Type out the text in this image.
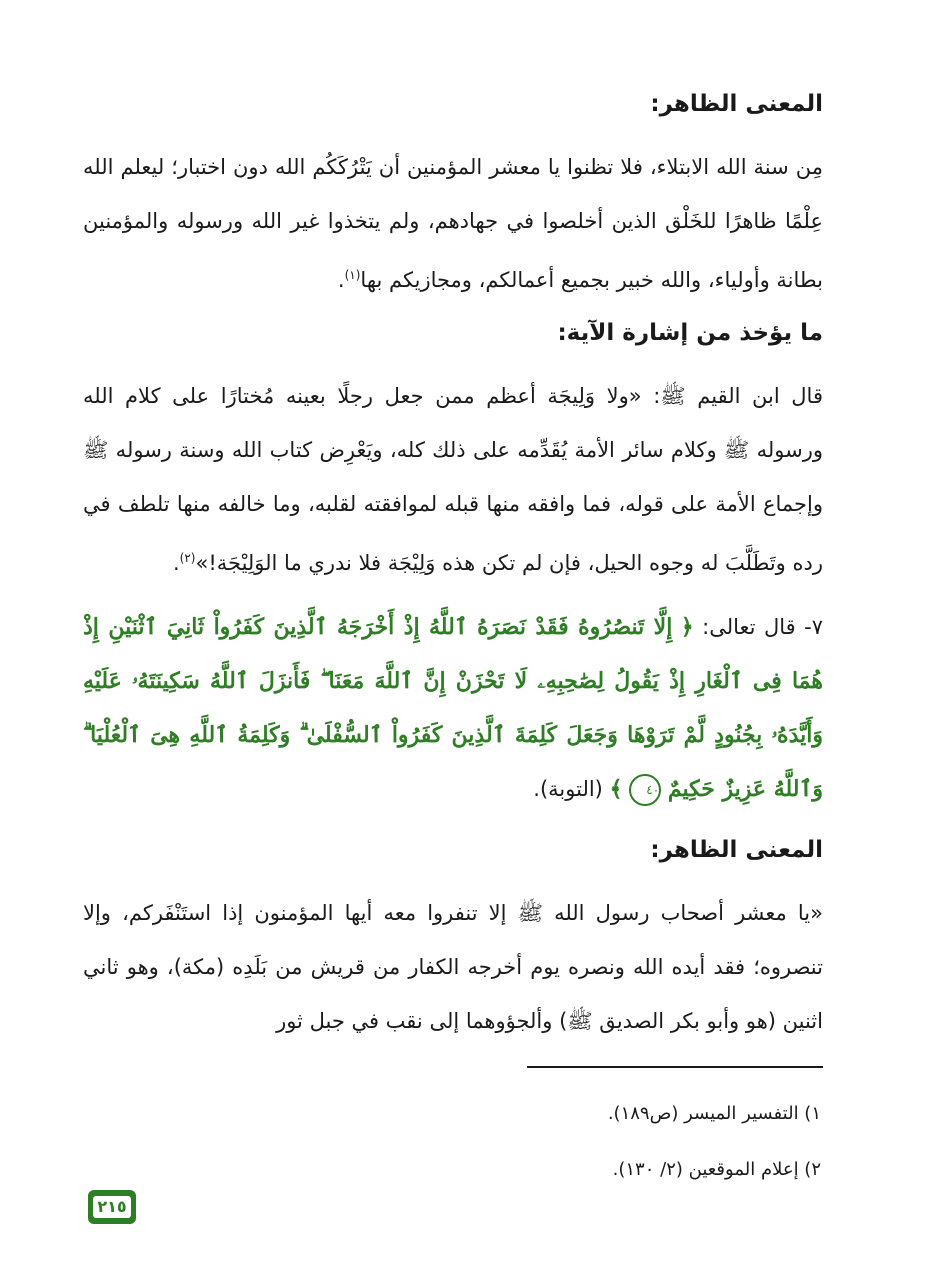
المعنى الظاهر:

مِن سنة الله الابتلاء، فلا تظنوا يا معشر المؤمنين أن يَتْرُكَكُم الله دون اختبار؛ ليعلم الله عِلْمًا ظاهرًا للخَلْق الذين أخلصوا في جهادهم، ولم يتخذوا غير الله ورسوله والمؤمنين بطانة وأولياء، والله خبير بجميع أعمالكم، ومجازيكم بها$^{(١)}$.

ما يؤخذ من إشارة الآية:

قال ابن القيم ﷺ: «ولا وَلِيجَة أعظم ممن جعل رجلًا بعينه مُختارًا على كلام الله ورسوله ﷺ وكلام سائر الأمة يُقَدِّمه على ذلك كله، ويَعْرِض كتاب الله وسنة رسوله ﷺ وإجماع الأمة على قوله، فما وافقه منها قبله لموافقته لقلبه، وما خالفه منها تلطف في رده وتَطَلَّبَ له وجوه الحيل، فإن لم تكن هذه وَلِيْجَة فلا ندري ما الوَلِيْجَة!»$^{(٢)}$.

٧- قال تعالى: ﴿ إِلَّا تَنصُرُوهُ فَقَدْ نَصَرَهُ ٱللَّهُ إِذْ أَخْرَجَهُ ٱلَّذِينَ كَفَرُواْ ثَانِيَ ٱثْنَيْنِ إِذْ هُمَا فِى ٱلْغَارِ إِذْ يَقُولُ لِصَٰحِبِهِۦ لَا تَحْزَنْ إِنَّ ٱللَّهَ مَعَنَا ۖ فَأَنزَلَ ٱللَّهُ سَكِينَتَهُۥ عَلَيْهِ وَأَيَّدَهُۥ بِجُنُودٍ لَّمْ تَرَوْهَا وَجَعَلَ كَلِمَةَ ٱلَّذِينَ كَفَرُواْ ٱلسُّفْلَىٰ ۗ وَكَلِمَةُ ٱللَّهِ هِىَ ٱلْعُلْيَا ۗ وَٱللَّهُ عَزِيزٌ حَكِيمٌ ٤٠ ﴾ (التوبة).

المعنى الظاهر:

«يا معشر أصحاب رسول الله ﷺ إلا تنفروا معه أيها المؤمنون إذا استَنْفَركم، وإلا تنصروه؛ فقد أيده الله ونصره يوم أخرجه الكفار من قريش من بَلَدِه (مكة)، وهو ثاني اثنين (هو وأبو بكر الصديق ﷺ) وألجؤوهما إلى نقب في جبل ثور

١) التفسير الميسر (ص١٨٩).
٢) إعلام الموقعين (٢/ ١٣٠).
٢١٥
